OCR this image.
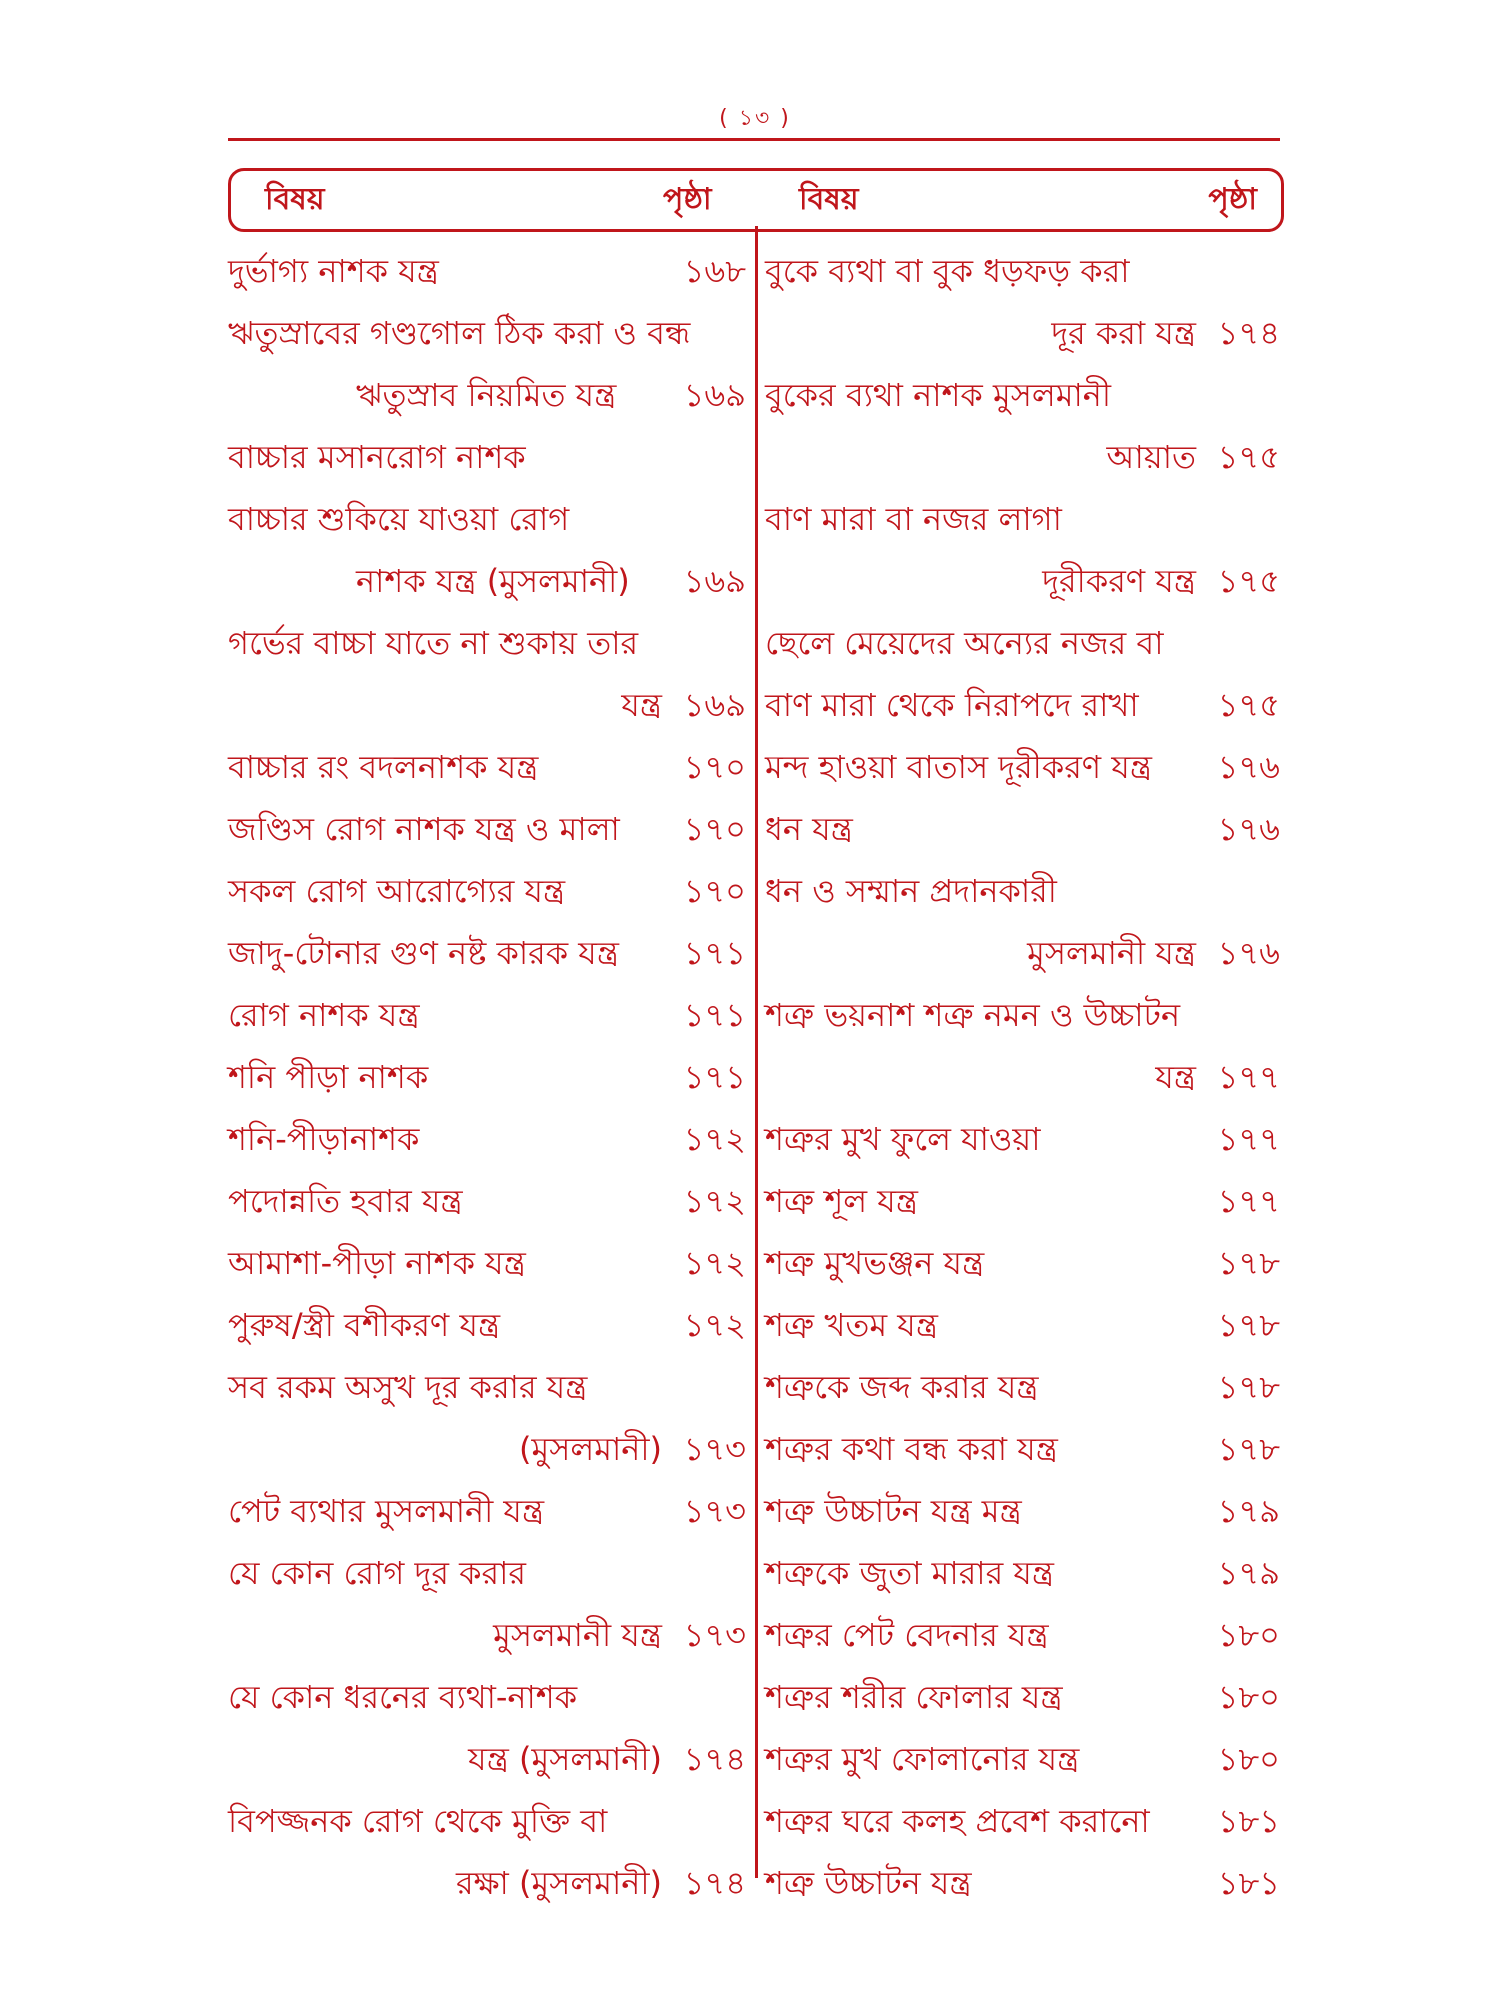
( ১৩ )
বিষয়	পৃষ্ঠা	বিষয়	পৃষ্ঠা
দুর্ভাগ্য নাশক যন্ত্র	১৬৮
ঋতুস্রাবের গণ্ডগোল ঠিক করা ও বন্ধ
ঋতুস্রাব নিয়মিত যন্ত্র ১৬৯
বাচ্চার মসানরোগ নাশক
বাচ্চার শুকিয়ে যাওয়া রোগ
নাশক যন্ত্র (মুসলমানী) ১৬৯
গর্ভের বাচ্চা যাতে না শুকায় তার
যন্ত্র ১৬৯
বাচ্চার রং বদলনাশক যন্ত্র	১৭০
জণ্ডিস রোগ নাশক যন্ত্র ও মালা ১৭০
সকল রোগ আরোগ্যের যন্ত্র	১৭০
জাদু-টোনার গুণ নষ্ট কারক যন্ত্র ১৭১
রোগ নাশক যন্ত্র	১৭১
শনি পীড়া নাশক	১৭১
শনি-পীড়ানাশক	১৭২
পদোন্নতি হবার যন্ত্র	১৭২
আমাশা-পীড়া নাশক যন্ত্র	১৭২
পুরুষ/স্ত্রী বশীকরণ যন্ত্র	১৭২
সব রকম অসুখ দূর করার যন্ত্র
(মুসলমানী) ১৭৩
পেট ব্যথার মুসলমানী যন্ত্র	১৭৩
যে কোন রোগ দূর করার
মুসলমানী যন্ত্র ১৭৩
যে কোন ধরনের ব্যথা-নাশক
যন্ত্র (মুসলমানী) ১৭৪
বিপজ্জনক রোগ থেকে মুক্তি বা
রক্ষা (মুসলমানী) ১৭৪
বুকে ব্যথা বা বুক ধড়ফড় করা
দূর করা যন্ত্র ১৭৪
বুকের ব্যথা নাশক মুসলমানী
আয়াত ১৭৫
বাণ মারা বা নজর লাগা
দূরীকরণ যন্ত্র ১৭৫
ছেলে মেয়েদের অন্যের নজর বা
বাণ মারা থেকে নিরাপদে রাখা ১৭৫
মন্দ হাওয়া বাতাস দূরীকরণ যন্ত্র ১৭৬
ধন যন্ত্র	১৭৬
ধন ও সম্মান প্রদানকারী
মুসলমানী যন্ত্র ১৭৬
শত্রু ভয়নাশ শত্রু নমন ও উচ্চাটন
যন্ত্র ১৭৭
শত্রুর মুখ ফুলে যাওয়া	১৭৭
শত্রু শূল যন্ত্র	১৭৭
শত্রু মুখভঞ্জন যন্ত্র	১৭৮
শত্রু খতম যন্ত্র	১৭৮
শত্রুকে জব্দ করার যন্ত্র	১৭৮
শত্রুর কথা বন্ধ করা যন্ত্র	১৭৮
শত্রু উচ্চাটন যন্ত্র মন্ত্র	১৭৯
শত্রুকে জুতা মারার যন্ত্র	১৭৯
শত্রুর পেট বেদনার যন্ত্র	১৮০
শত্রুর শরীর ফোলার যন্ত্র	১৮০
শত্রুর মুখ ফোলানোর যন্ত্র	১৮০
শত্রুর ঘরে কলহ প্রবেশ করানো ১৮১
শত্রু উচ্চাটন যন্ত্র	১৮১
